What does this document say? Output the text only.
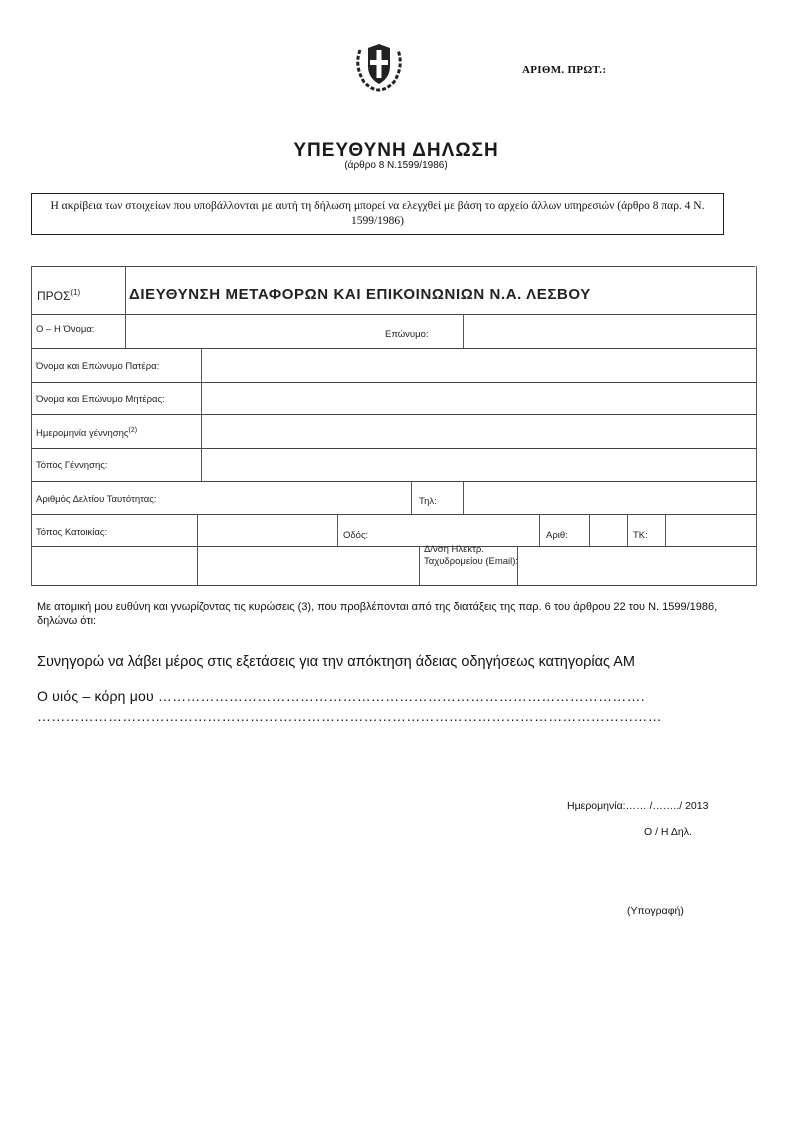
ΑΡΙΘΜ. ΠΡΩΤ.:
ΥΠΕΥΘΥΝΗ ΔΗΛΩΣΗ
(άρθρο 8 Ν.1599/1986)
Η ακρίβεια των στοιχείων που υποβάλλονται με αυτή τη δήλωση μπορεί να ελεγχθεί με βάση το αρχείο άλλων υπηρεσιών (άρθρο 8 παρ. 4 Ν. 1599/1986)
ΠΡΟΣ$^{(1)}$	ΔΙΕΥΘΥΝΣΗ ΜΕΤΑΦΟΡΩΝ ΚΑΙ ΕΠΙΚΟΙΝΩΝΙΩΝ Ν.Α. ΛΕΣΒΟΥ
Ο – Η Όνομα:	Επώνυμο:
Όνομα και Επώνυμο Πατέρα:
Όνομα και Επώνυμο Μητέρας:
Ημερομηνία γέννησης$^{(2)}$
Τόπος Γέννησης:
Αριθμός Δελτίου Ταυτότητας:	Τηλ:
Τόπος Κατοικίας:	Οδός:	Αριθ:	ΤΚ:
Δ/νση Ηλεκτρ. Ταχυδρομείου (Email):
Με ατομική μου ευθύνη και γνωρίζοντας τις κυρώσεις (3), που προβλέπονται από της διατάξεις της παρ. 6 του άρθρου 22 του Ν. 1599/1986, δηλώνω ότι:
Συνηγορώ να λάβει μέρος στις εξετάσεις για την απόκτηση άδειας οδηγήσεως κατηγορίας ΑΜ
Ο υιός – κόρη μου ………………………………………………………………………………………….
……………………………………………………………………………………………………………………
Ημερομηνία:…… /……../ 2013
Ο / Η Δηλ.
(Υπογραφή)
